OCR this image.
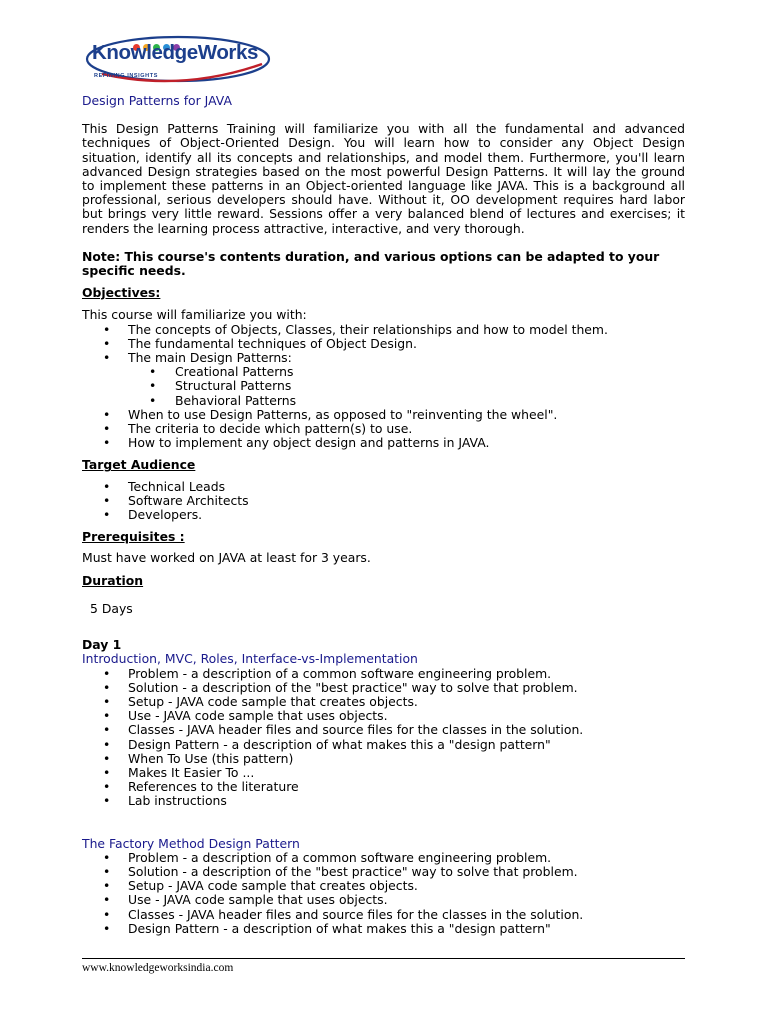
KnowledgeWorks
REFINING INSIGHTS

Design Patterns for JAVA

This Design Patterns Training will familiarize you with all the fundamental and advanced techniques of Object-Oriented Design. You will learn how to consider any Object Design situation, identify all its concepts and relationships, and model them. Furthermore, you'll learn advanced Design strategies based on the most powerful Design Patterns. It will lay the ground to implement these patterns in an Object-oriented language like JAVA. This is a background all professional, serious developers should have. Without it, OO development requires hard labor but brings very little reward. Sessions offer a very balanced blend of lectures and exercises; it renders the learning process attractive, interactive, and very thorough.

Note: This course's contents duration, and various options can be adapted to your specific needs.

Objectives:

This course will familiarize you with:

• The concepts of Objects, Classes, their relationships and how to model them.
• The fundamental techniques of Object Design.
• The main Design Patterns:
• Creational Patterns
• Structural Patterns
• Behavioral Patterns
• When to use Design Patterns, as opposed to "reinventing the wheel".
• The criteria to decide which pattern(s) to use.
• How to implement any object design and patterns in JAVA.

Target Audience

• Technical Leads
• Software Architects
• Developers.

Prerequisites :

Must have worked on JAVA at least for 3 years.

Duration

5 Days

Day 1

Introduction, MVC, Roles, Interface-vs-Implementation

• Problem - a description of a common software engineering problem.
• Solution - a description of the "best practice" way to solve that problem.
• Setup - JAVA code sample that creates objects.
• Use - JAVA code sample that uses objects.
• Classes - JAVA header files and source files for the classes in the solution.
• Design Pattern - a description of what makes this a "design pattern"
• When To Use (this pattern)
• Makes It Easier To ...
• References to the literature
• Lab instructions

The Factory Method Design Pattern

• Problem - a description of a common software engineering problem.
• Solution - a description of the "best practice" way to solve that problem.
• Setup - JAVA code sample that creates objects.
• Use - JAVA code sample that uses objects.
• Classes - JAVA header files and source files for the classes in the solution.
• Design Pattern - a description of what makes this a "design pattern"
www.knowledgeworksindia.com
